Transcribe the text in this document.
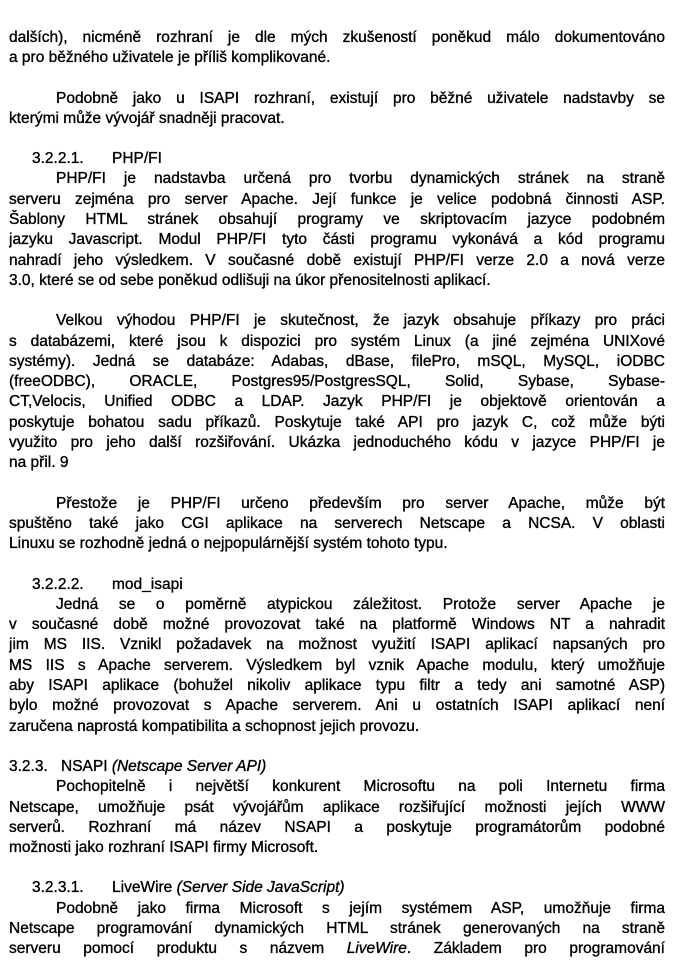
dalších), nicméně rozhraní je dle mých zkušeností poněkud málo dokumentováno
a pro běžného uživatele je příliš komplikované.
Podobně jako u ISAPI rozhraní, existují pro běžné uživatele nadstavby se
kterými může vývojář snadněji pracovat.
3.2.2.1. PHP/FI
PHP/FI je nadstavba určená pro tvorbu dynamických stránek na straně
serveru zejména pro server Apache. Její funkce je velice podobná činnosti ASP.
Šablony HTML stránek obsahují programy ve skriptovacím jazyce podobném
jazyku Javascript. Modul PHP/FI tyto části programu vykonává a kód programu
nahradí jeho výsledkem. V současné době existují PHP/FI verze 2.0 a nová verze
3.0, které se od sebe poněkud odlišuji na úkor přenositelnosti aplikací.
Velkou výhodou PHP/FI je skutečnost, že jazyk obsahuje příkazy pro práci
s databázemi, které jsou k dispozici pro systém Linux (a jiné zejména UNIXové
systémy). Jedná se databáze: Adabas, dBase, filePro, mSQL, MySQL, iODBC
(freeODBC), ORACLE, Postgres95/PostgresSQL, Solid, Sybase, Sybase-
CT,Velocis, Unified ODBC a LDAP. Jazyk PHP/FI je objektově orientován a
poskytuje bohatou sadu příkazů. Poskytuje také API pro jazyk C, což může býti
využito pro jeho další rozšiřování. Ukázka jednoduchého kódu v jazyce PHP/FI je
na přil. 9
Přestože je PHP/FI určeno především pro server Apache, může být
spuštěno také jako CGI aplikace na serverech Netscape a NCSA. V oblasti
Linuxu se rozhodně jedná o nejpopulárnější systém tohoto typu.
3.2.2.2. mod_isapi
Jedná se o poměrně atypickou záležitost. Protože server Apache je
v současné době možné provozovat také na platformě Windows NT a nahradit
jim MS IIS. Vznikl požadavek na možnost využití ISAPI aplikací napsaných pro
MS IIS s Apache serverem. Výsledkem byl vznik Apache modulu, který umožňuje
aby ISAPI aplikace (bohužel nikoliv aplikace typu filtr a tedy ani samotné ASP)
bylo možné provozovat s Apache serverem. Ani u ostatních ISAPI aplikací není
zaručena naprostá kompatibilita a schopnost jejich provozu.
3.2.3. NSAPI (Netscape Server API)
Pochopitelně i největší konkurent Microsoftu na poli Internetu firma
Netscape, umožňuje psát vývojářům aplikace rozšiřující možnosti jejích WWW
serverů. Rozhraní má název NSAPI a poskytuje programátorům podobné
možnosti jako rozhraní ISAPI firmy Microsoft.
3.2.3.1. LiveWire (Server Side JavaScript)
Podobně jako firma Microsoft s jejím systémem ASP, umožňuje firma
Netscape programování dynamických HTML stránek generovaných na straně
serveru pomocí produktu s názvem LiveWire. Základem pro programování
